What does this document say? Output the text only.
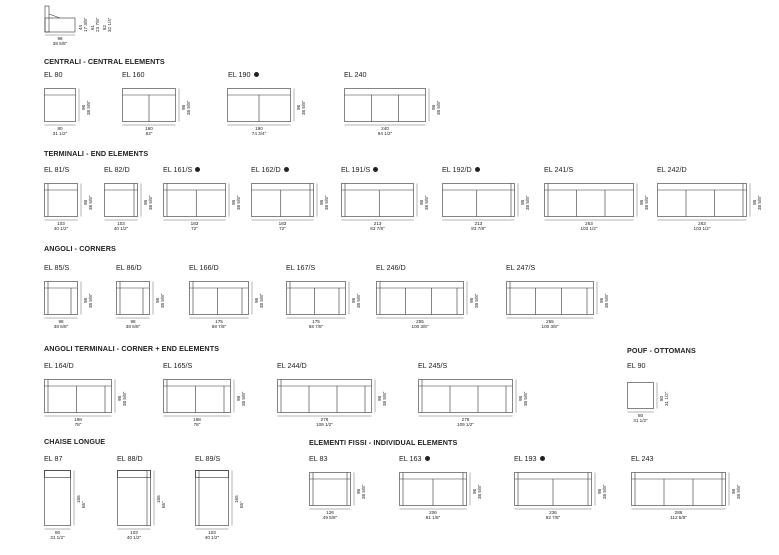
98
38 5/8"
44 17 3/8" 61 23 7/8" 82 32 1/4"
CENTRALI - CENTRAL ELEMENTS
TERMINALI - END ELEMENTS
ANGOLI - CORNERS
ANGOLI TERMINALI - CORNER + END ELEMENTS	POUF - OTTOMANS
CHAISE LONGUE	ELEMENTI FISSI - INDIVIDUAL ELEMENTS
EL 80
80
31 1/2"
98 38 5/8"
EL 160
160
63"
98 38 5/8"
EL 190
190
74 3/4"
98 38 5/8"
EL 240
240
94 1/2"
98 38 5/8"
EL 81/S
103
40 1/2"
98 38 5/8"
EL 82/D
103
40 1/2"
98 38 5/8"
EL 161/S
183
72"
98 38 5/8"
EL 162/D
183
72"
98 38 5/8"
EL 191/S
213
83 7/8"
98 38 5/8"
EL 192/D
213
83 7/8"
98 38 5/8"
EL 241/S
263
103 1/2"
98 38 5/8"
EL 242/D
263
103 1/2"
98 38 5/8"
EL 85/S
98
38 5/8"
98 38 5/8"
EL 86/D
98
38 5/8"
98 38 5/8"
EL 166/D
175
68 7/8"
98 38 5/8"
EL 167/S
175
68 7/8"
98 38 5/8"
EL 246/D
255
100 3/8"
98 38 5/8"
EL 247/S
255
100 3/8"
98 38 5/8"
EL 164/D
198
78"
98 38 5/8"
EL 165/S
198
78"
98 38 5/8"
EL 244/D
278
109 1/2"
98 38 5/8"
EL 245/S
278
109 1/2"
98 38 5/8"
EL 90
80
31 1/2"
80 31 1/2"
EL 87
80
31 1/2"
165
65"
EL 88/D
103
40 1/2"
165
65"
EL 89/S
103
40 1/2"
165
65"
EL 83
126
49 5/8"
98 38 5/8"
EL 163
206
81 1/8"
98 38 5/8"
EL 193
236
92 7/8"
98 38 5/8"
EL 243
286
112 5/8"
98 38 5/8"
